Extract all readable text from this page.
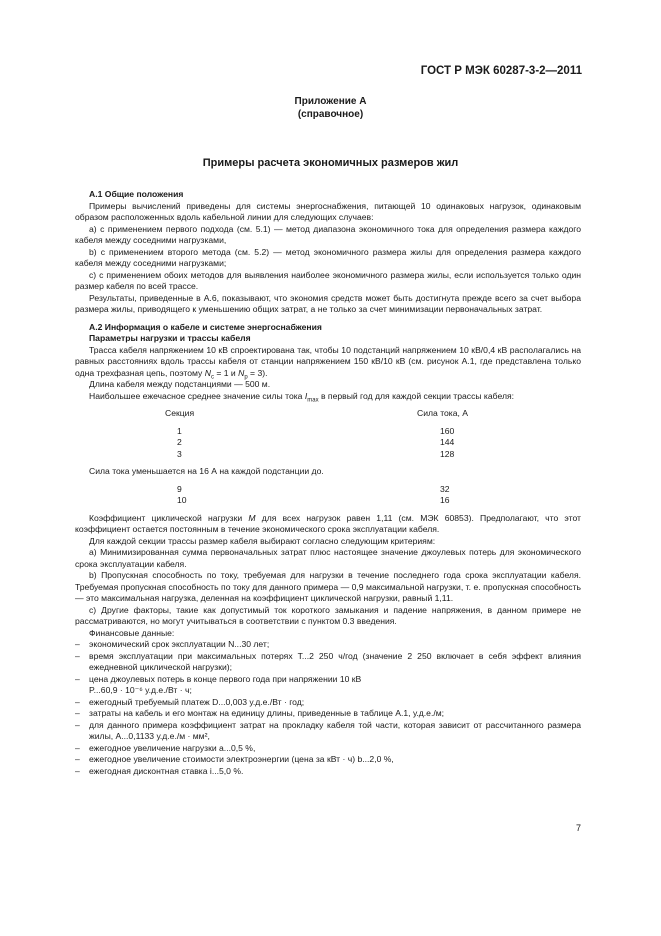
ГОСТ Р МЭК 60287-3-2—2011
Приложение А
(справочное)
Примеры расчета экономичных размеров жил

А.1 Общие положения

Примеры вычислений приведены для системы энергоснабжения, питающей 10 одинаковых нагрузок, одинаковым образом расположенных вдоль кабельной линии для следующих случаев:

а) с применением первого подхода (см. 5.1) — метод диапазона экономичного тока для определения размера каждого кабеля между соседними нагрузками,

b) с применением второго метода (см. 5.2) — метод экономичного размера жилы для определения размера каждого кабеля между соседними нагрузками;

c) с применением обоих методов для выявления наиболее экономичного размера жилы, если используется только один размер кабеля по всей трассе.

Результаты, приведенные в А.6, показывают, что экономия средств может быть достигнута прежде всего за счет выбора размера жилы, приводящего к уменьшению общих затрат, а не только за счет минимизации первоначальных затрат.

А.2 Информация о кабеле и системе энергоснабжения

Параметры нагрузки и трассы кабеля

Трасса кабеля напряжением 10 кВ спроектирована так, чтобы 10 подстанций напряжением 10 кВ/0,4 кВ располагались на равных расстояниях вдоль трассы кабеля от станции напряжением 150 кВ/10 кВ (см. рисунок А.1, где представлена только одна трехфазная цепь, поэтому $N_c = 1$ и $N_p = 3$).

Длина кабеля между подстанциями — 500 м.

Наибольшее ежечасное среднее значение силы тока $I_{max}$ в первый год для каждой секции трассы кабеля:

Секция	Сила тока, А
1	160
2	144
3	128

Сила тока уменьшается на 16 А на каждой подстанции до.

9	32
10	16

Коэффициент циклической нагрузки M для всех нагрузок равен 1,11 (см. МЭК 60853). Предполагают, что этот коэффициент остается постоянным в течение экономического срока эксплуатации кабеля.

Для каждой секции трассы размер кабеля выбирают согласно следующим критериям:

а) Минимизированная сумма первоначальных затрат плюс настоящее значение джоулевых потерь для экономического срока эксплуатации кабеля.

b) Пропускная способность по току, требуемая для нагрузки в течение последнего года срока эксплуатации кабеля. Требуемая пропускная способность по току для данного примера — 0,9 максимальной нагрузки, т. е. пропускная способность — это максимальная нагрузка, деленная на коэффициент циклической нагрузки, равный 1,11.

c) Другие факторы, такие как допустимый ток короткого замыкания и падение напряжения, в данном примере не рассматриваются, но могут учитываться в соответствии с пунктом 0.3 введения.

Финансовые данные:

–	экономический срок эксплуатации N...30 лет;

–	время эксплуатации при максимальных потерях T...2 250 ч/год (значение 2 250 включает в себя эффект влияния ежедневной циклической нагрузки);

–	цена джоулевых потерь в конце первого года при напряжении 10 кВ

P...60,9 · 10⁻⁶ у.д.е./Вт · ч;

–	ежегодный требуемый платеж D...0,003 у.д.е./Вт · год;

–	затраты на кабель и его монтаж на единицу длины, приведенные в таблице А.1, у.д.е./м;

–	для данного примера коэффициент затрат на прокладку кабеля той части, которая зависит от рассчитанного размера жилы, A...0,1133 у.д.е./м · мм²,

–	ежегодное увеличение нагрузки a...0,5 %,

–	ежегодное увеличение стоимости электроэнергии (цена за кВт · ч) b...2,0 %,

–	ежегодная дисконтная ставка i...5,0 %.

7
